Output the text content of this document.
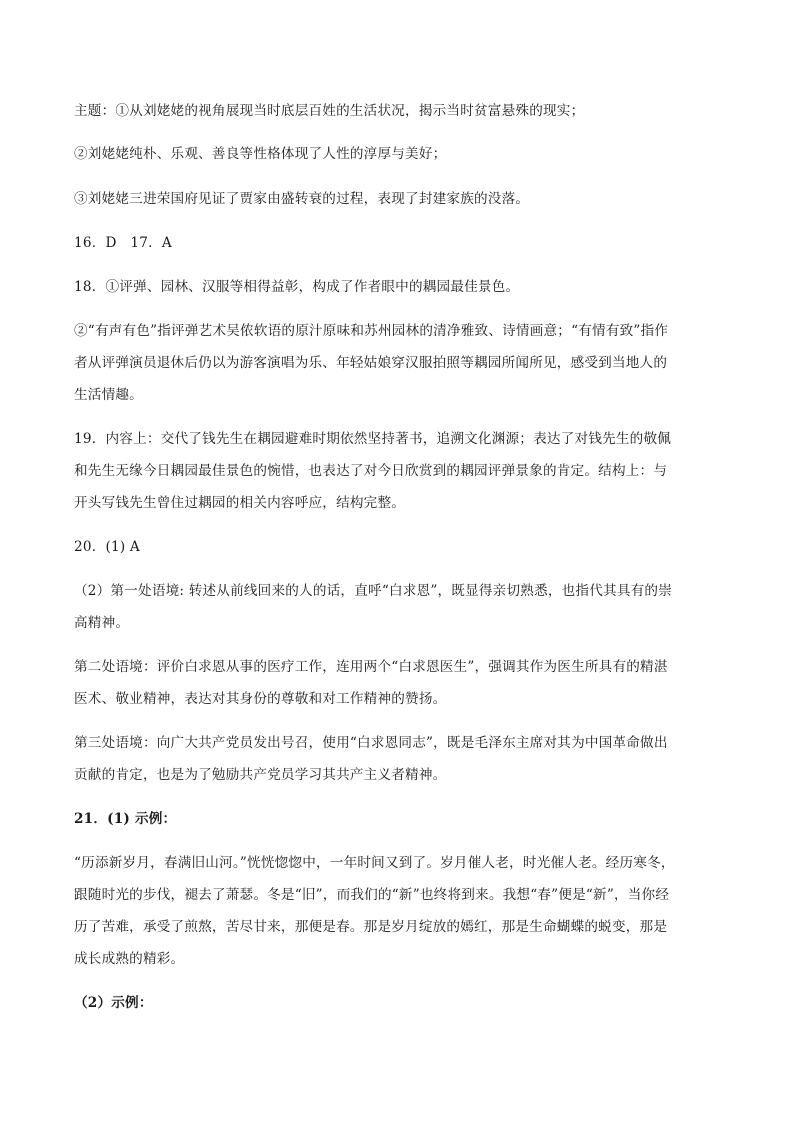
主题：①从刘姥姥的视角展现当时底层百姓的生活状况，揭示当时贫富悬殊的现实；
②刘姥姥纯朴、乐观、善良等性格体现了人性的淳厚与美好；
③刘姥姥三进荣国府见证了贾家由盛转衰的过程，表现了封建家族的没落。
16．D　17．A
18．①评弹、园林、汉服等相得益彰，构成了作者眼中的耦园最佳景色。
②“有声有色”指评弹艺术吴侬软语的原汁原味和苏州园林的清净雅致、诗情画意；“有情有致”指作
者从评弹演员退休后仍以为游客演唱为乐、年轻姑娘穿汉服拍照等耦园所闻所见，感受到当地人的
生活情趣。
19．内容上：交代了钱先生在耦园避难时期依然坚持著书，追溯文化渊源；表达了对钱先生的敬佩
和先生无缘今日耦园最佳景色的惋惜，也表达了对今日欣赏到的耦园评弹景象的肯定。结构上：与
开头写钱先生曾住过耦园的相关内容呼应，结构完整。
20．(1) A
（2）第一处语境: 转述从前线回来的人的话，直呼“白求恩”，既显得亲切熟悉，也指代其具有的崇
高精神。
第二处语境：评价白求恩从事的医疗工作，连用两个“白求恩医生”，强调其作为医生所具有的精湛
医术、敬业精神，表达对其身份的尊敬和对工作精神的赞扬。
第三处语境：向广大共产党员发出号召，使用“白求恩同志”，既是毛泽东主席对其为中国革命做出
贡献的肯定，也是为了勉励共产党员学习其共产主义者精神。
21．(1) 示例：
“历添新岁月，春满旧山河。”恍恍惚惚中，一年时间又到了。岁月催人老，时光催人老。经历寒冬，
跟随时光的步伐，褪去了萧瑟。冬是“旧”，而我们的“新”也终将到来。我想“春”便是“新”，当你经
历了苦难，承受了煎熬，苦尽甘来，那便是春。那是岁月绽放的嫣红，那是生命蝴蝶的蜕变，那是
成长成熟的精彩。
（2）示例：
